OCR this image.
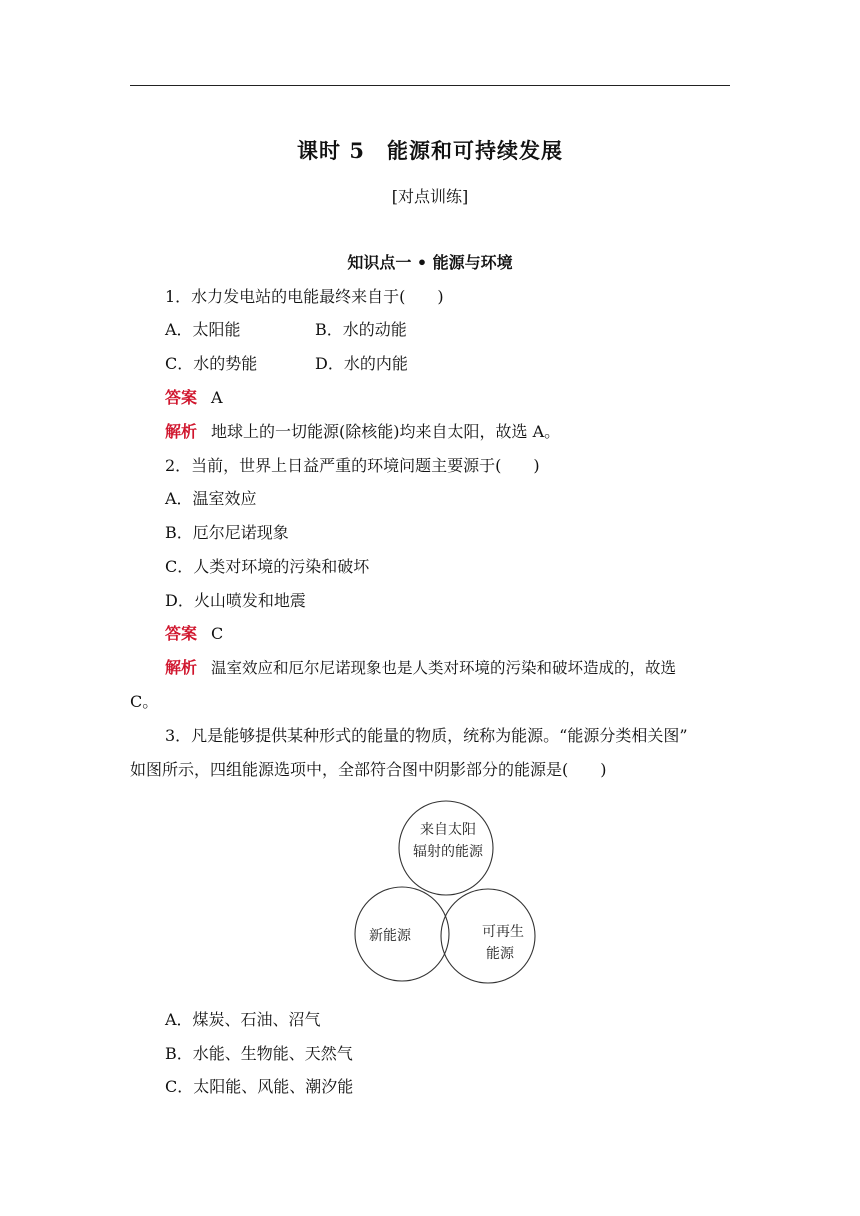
课时 5　能源和可持续发展
[对点训练]
知识点一 • 能源与环境
1．水力发电站的电能最终来自于(　　)
A．太阳能	B．水的动能
C．水的势能	D．水的内能
答案 A
解析 地球上的一切能源(除核能)均来自太阳，故选 A。
2．当前，世界上日益严重的环境问题主要源于(　　)
A．温室效应
B．厄尔尼诺现象
C．人类对环境的污染和破坏
D．火山喷发和地震
答案 C
解析 温室效应和厄尔尼诺现象也是人类对环境的污染和破坏造成的，故选
C。
3．凡是能够提供某种形式的能量的物质，统称为能源。“能源分类相关图”
如图所示，四组能源选项中，全部符合图中阴影部分的能源是(　　)
来自太阳
辐射的能源
新能源	可再生
能源
A．煤炭、石油、沼气
B．水能、生物能、天然气
C．太阳能、风能、潮汐能
